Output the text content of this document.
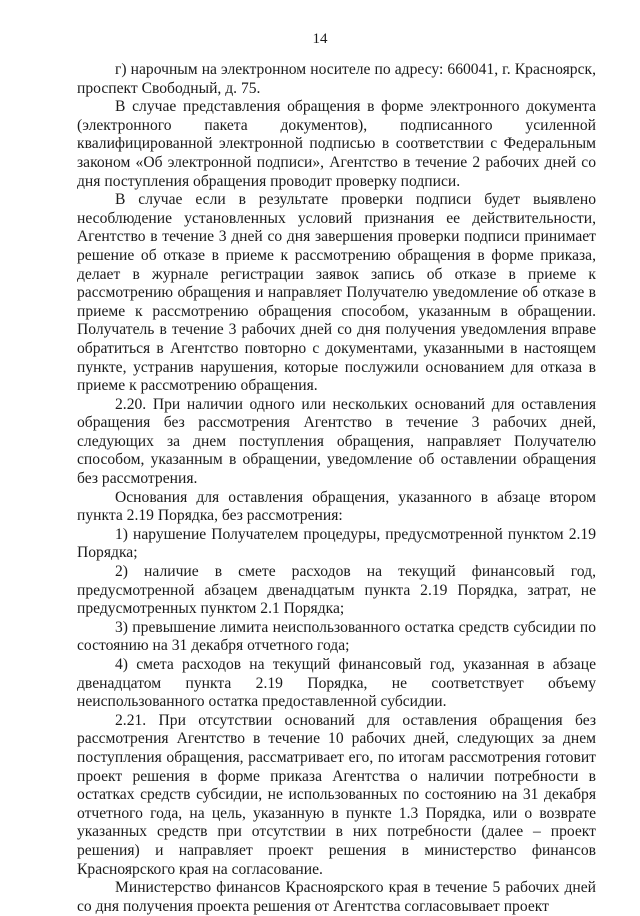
14

г) нарочным на электронном носителе по адресу: 660041, г. Красноярск, проспект Свободный, д. 75.

В случае представления обращения в форме электронного документа (электронного пакета документов), подписанного усиленной квалифицированной электронной подписью в соответствии с Федеральным законом «Об электронной подписи», Агентство в течение 2 рабочих дней со дня поступления обращения проводит проверку подписи.

В случае если в результате проверки подписи будет выявлено несоблюдение установленных условий признания ее действительности, Агентство в течение 3 дней со дня завершения проверки подписи принимает решение об отказе в приеме к рассмотрению обращения в форме приказа, делает в журнале регистрации заявок запись об отказе в приеме к рассмотрению обращения и направляет Получателю уведомление об отказе в приеме к рассмотрению обращения способом, указанным в обращении. Получатель в течение 3 рабочих дней со дня получения уведомления вправе обратиться в Агентство повторно с документами, указанными в настоящем пункте, устранив нарушения, которые послужили основанием для отказа в приеме к рассмотрению обращения.

2.20. При наличии одного или нескольких оснований для оставления обращения без рассмотрения Агентство в течение 3 рабочих дней, следующих за днем поступления обращения, направляет Получателю способом, указанным в обращении, уведомление об оставлении обращения без рассмотрения.

Основания для оставления обращения, указанного в абзаце втором пункта 2.19 Порядка, без рассмотрения:

1) нарушение Получателем процедуры, предусмотренной пунктом 2.19 Порядка;

2) наличие в смете расходов на текущий финансовый год, предусмотренной абзацем двенадцатым пункта 2.19 Порядка, затрат, не предусмотренных пунктом 2.1 Порядка;

3) превышение лимита неиспользованного остатка средств субсидии по состоянию на 31 декабря отчетного года;

4) смета расходов на текущий финансовый год, указанная в абзаце двенадцатом пункта 2.19 Порядка, не соответствует объему неиспользованного остатка предоставленной субсидии.

2.21. При отсутствии оснований для оставления обращения без рассмотрения Агентство в течение 10 рабочих дней, следующих за днем поступления обращения, рассматривает его, по итогам рассмотрения готовит проект решения в форме приказа Агентства о наличии потребности в остатках средств субсидии, не использованных по состоянию на 31 декабря отчетного года, на цель, указанную в пункте 1.3 Порядка, или о возврате указанных средств при отсутствии в них потребности (далее – проект решения) и направляет проект решения в министерство финансов Красноярского края на согласование.

Министерство финансов Красноярского края в течение 5 рабочих дней со дня получения проекта решения от Агентства согласовывает проект
